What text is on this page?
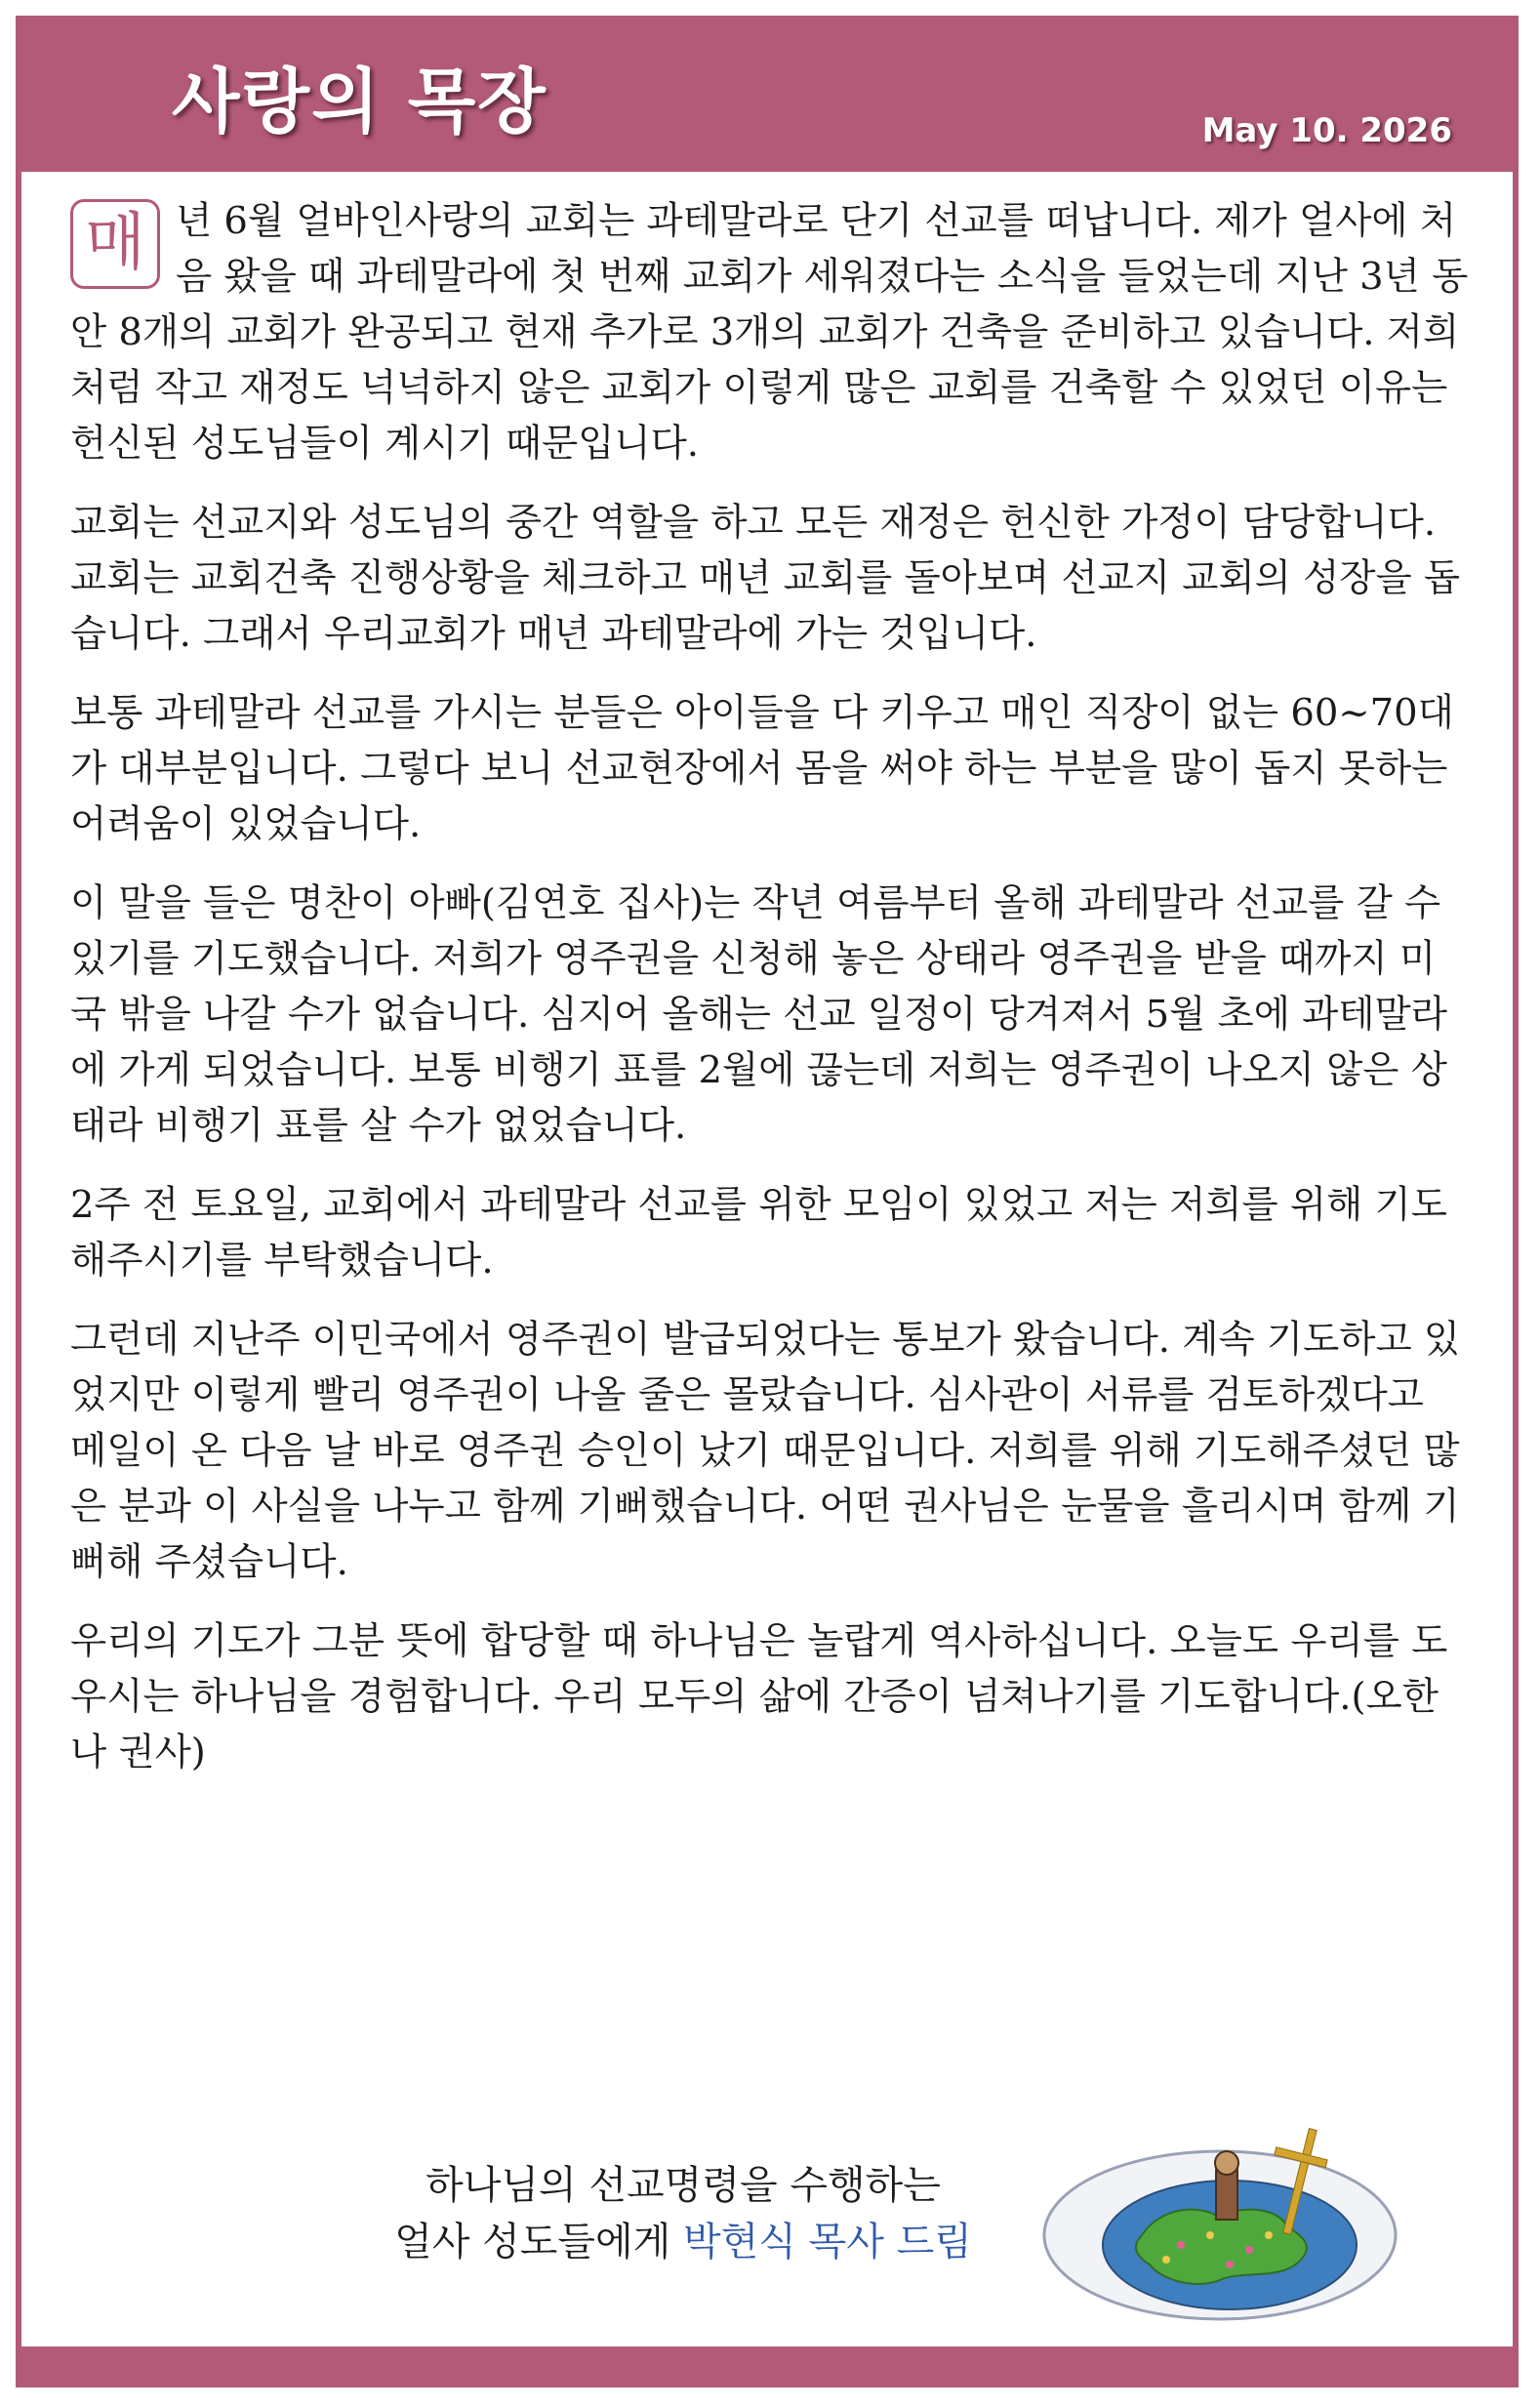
사랑의 목장	May 10. 2026

매 년 6월 얼바인사랑의 교회는 과테말라로 단기 선교를 떠납니다. 제가 얼사에 처음 왔을 때 과테말라에 첫 번째 교회가 세워졌다는 소식을 들었는데 지난 3년 동안 8개의 교회가 완공되고 현재 추가로 3개의 교회가 건축을 준비하고 있습니다. 저희처럼 작고 재정도 넉넉하지 않은 교회가 이렇게 많은 교회를 건축할 수 있었던 이유는 헌신된 성도님들이 계시기 때문입니다.

교회는 선교지와 성도님의 중간 역할을 하고 모든 재정은 헌신한 가정이 담당합니다. 교회는 교회건축 진행상황을 체크하고 매년 교회를 돌아보며 선교지 교회의 성장을 돕습니다. 그래서 우리교회가 매년 과테말라에 가는 것입니다.

보통 과테말라 선교를 가시는 분들은 아이들을 다 키우고 매인 직장이 없는 60~70대가 대부분입니다. 그렇다 보니 선교현장에서 몸을 써야 하는 부분을 많이 돕지 못하는 어려움이 있었습니다.

이 말을 들은 명찬이 아빠(김연호 집사)는 작년 여름부터 올해 과테말라 선교를 갈 수 있기를 기도했습니다. 저희가 영주권을 신청해 놓은 상태라 영주권을 받을 때까지 미국 밖을 나갈 수가 없습니다. 심지어 올해는 선교 일정이 당겨져서 5월 초에 과테말라에 가게 되었습니다. 보통 비행기 표를 2월에 끊는데 저희는 영주권이 나오지 않은 상태라 비행기 표를 살 수가 없었습니다.

2주 전 토요일, 교회에서 과테말라 선교를 위한 모임이 있었고 저는 저희를 위해 기도해주시기를 부탁했습니다.

그런데 지난주 이민국에서 영주권이 발급되었다는 통보가 왔습니다. 계속 기도하고 있었지만 이렇게 빨리 영주권이 나올 줄은 몰랐습니다. 심사관이 서류를 검토하겠다고 메일이 온 다음 날 바로 영주권 승인이 났기 때문입니다. 저희를 위해 기도해주셨던 많은 분과 이 사실을 나누고 함께 기뻐했습니다. 어떤 권사님은 눈물을 흘리시며 함께 기뻐해 주셨습니다.

우리의 기도가 그분 뜻에 합당할 때 하나님은 놀랍게 역사하십니다. 오늘도 우리를 도우시는 하나님을 경험합니다. 우리 모두의 삶에 간증이 넘쳐나기를 기도합니다.(오한나 권사)

하나님의 선교명령을 수행하는
얼사 성도들에게 박현식 목사 드림
